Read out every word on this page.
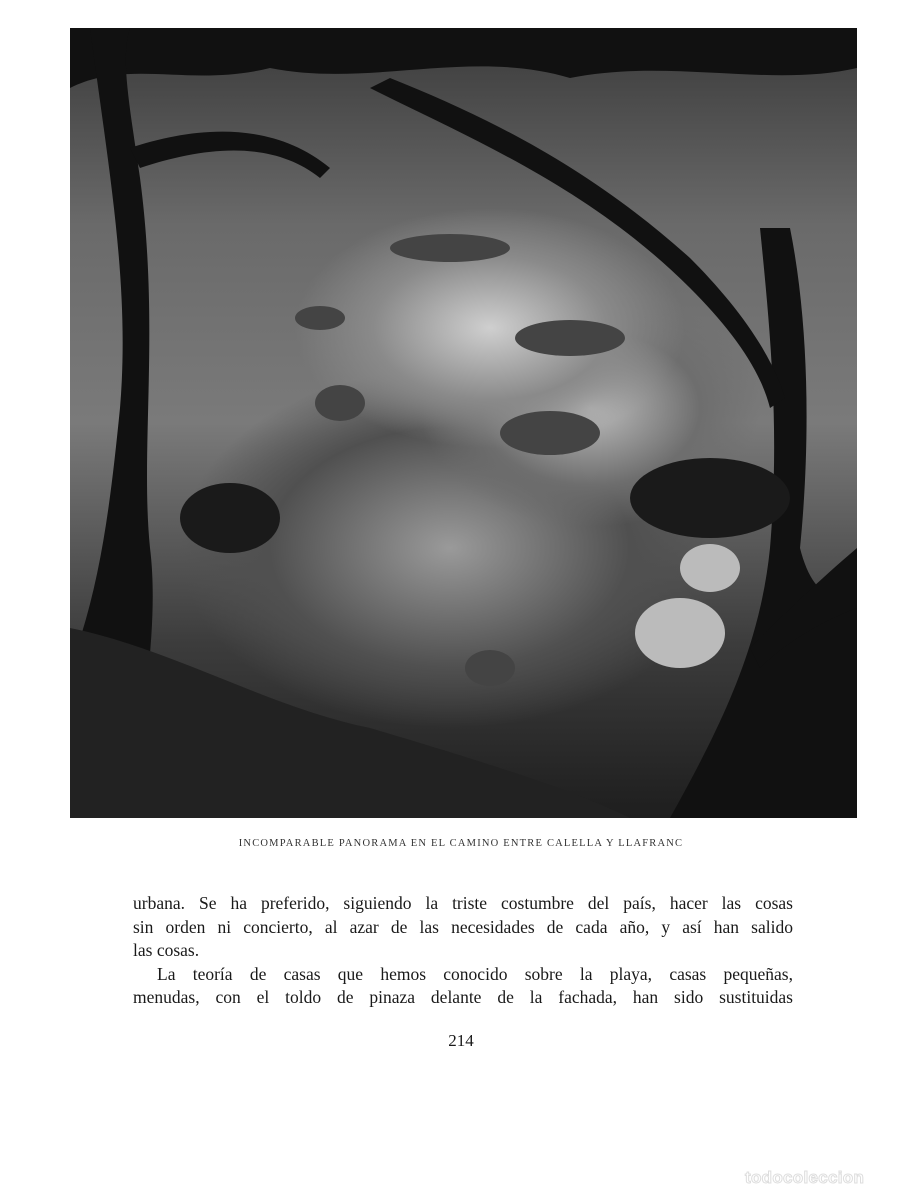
INCOMPARABLE PANORAMA EN EL CAMINO ENTRE CALELLA Y LLAFRANC
urbana. Se ha preferido, siguiendo la triste costumbre del país, hacer las cosas
sin orden ni concierto, al azar de las necesidades de cada año, y así han salido
las cosas.
La teoría de casas que hemos conocido sobre la playa, casas pequeñas,
menudas, con el toldo de pinaza delante de la fachada, han sido sustituidas
214
todocoleccion
